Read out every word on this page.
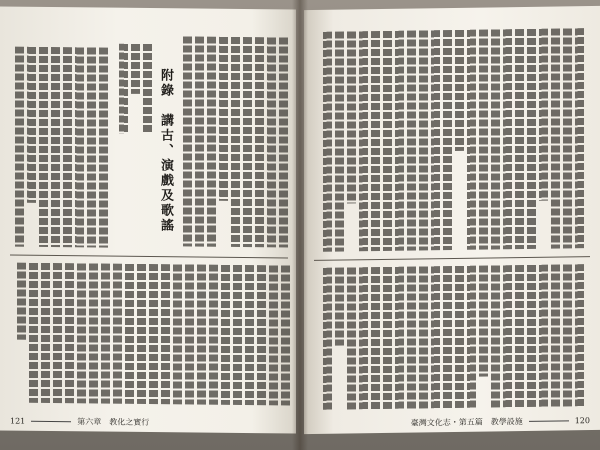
附錄　講古、演戲及歌謠
121	第六章　教化之實行	臺灣文化志・第五篇　教學設施	120
